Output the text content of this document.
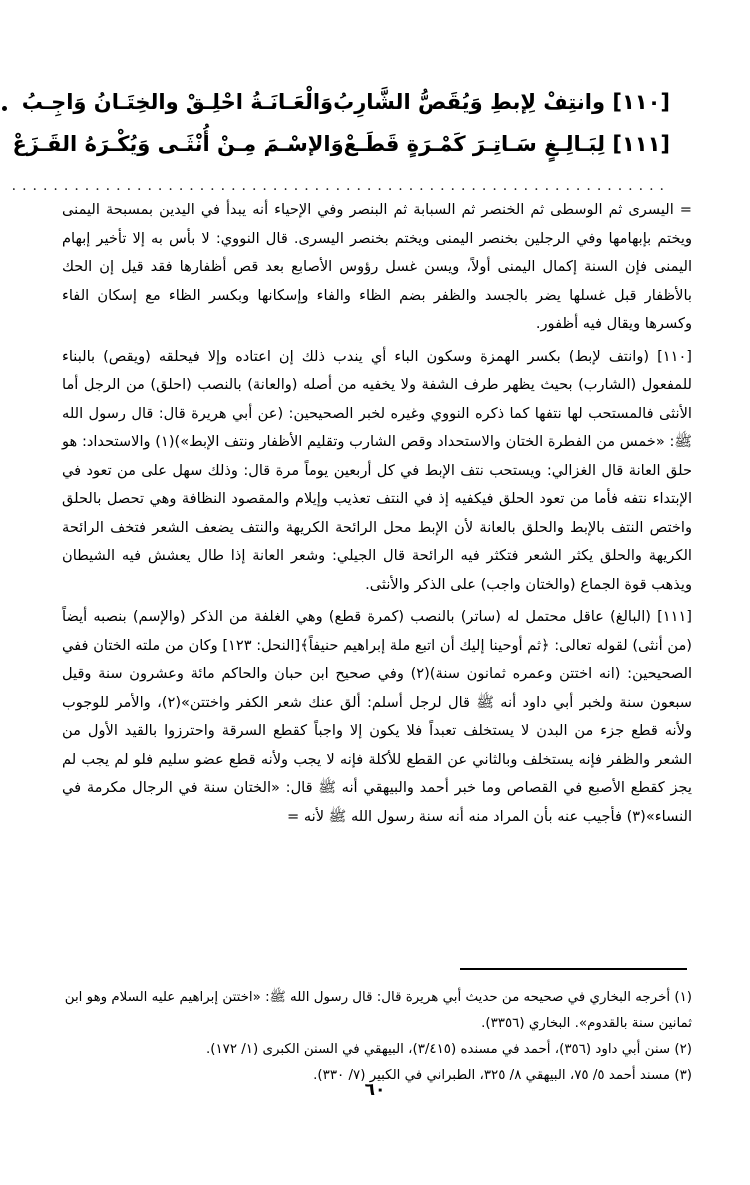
[١١٠] وانتِفْ لِإبطِ وَيُقَصُّ الشَّارِبُ
وَالْعَـانَـةُ احْلِـقْ والخِتَـانُ وَاجِـبُ
[١١١] لِبَـالِـغٍ سَـاتِـرَ كَمْـرَةٍ قَطَـعْ
وَالإسْـمَ مِـنْ أُنْثَـى وَيُكْـرَهُ القَـزَعْ
...............................................................

= اليسرى ثم الوسطى ثم الخنصر ثم السبابة ثم البنصر وفي الإحياء أنه يبدأ في اليدين بمسبحة اليمنى ويختم بإبهامها وفي الرجلين بخنصر اليمنى ويختم بخنصر اليسرى. قال النووي: لا بأس به إلا تأخير إبهام اليمنى فإن السنة إكمال اليمنى أولاً، ويسن غسل رؤوس الأصابع بعد قص أظفارها فقد قيل إن الحك بالأظفار قبل غسلها يضر بالجسد والظفر بضم الظاء والفاء وإسكانها وبكسر الظاء مع إسكان الفاء وكسرها ويقال فيه أظفور.

[١١٠] (وانتف لإبط) بكسر الهمزة وسكون الباء أي يندب ذلك إن اعتاده وإلا فيحلقه (ويقص) بالبناء للمفعول (الشارب) بحيث يظهر طرف الشفة ولا يخفيه من أصله (والعانة) بالنصب (احلق) من الرجل أما الأنثى فالمستحب لها نتفها كما ذكره النووي وغيره لخبر الصحيحين: (عن أبي هريرة قال: قال رسول الله ﷺ: «خمس من الفطرة الختان والاستحداد وقص الشارب وتقليم الأظفار ونتف الإبط»)(١) والاستحداد: هو حلق العانة قال الغزالي: ويستحب نتف الإبط في كل أربعين يوماً مرة قال: وذلك سهل على من تعود في الإبتداء نتفه فأما من تعود الحلق فيكفيه إذ في النتف تعذيب وإيلام والمقصود النظافة وهي تحصل بالحلق واختص النتف بالإبط والحلق بالعانة لأن الإبط محل الرائحة الكريهة والنتف يضعف الشعر فتخف الرائحة الكريهة والحلق يكثر الشعر فتكثر فيه الرائحة قال الجيلي: وشعر العانة إذا طال يعشش فيه الشيطان ويذهب قوة الجماع (والختان واجب) على الذكر والأنثى.

[١١١] (البالغ) عاقل محتمل له (ساتر) بالنصب (كمرة قطع) وهي الغلفة من الذكر (والإسم) بنصبه أيضاً (من أنثى) لقوله تعالى: ﴿ثم أوحينا إليك أن اتبع ملة إبراهيم حنيفاً﴾[النحل: ١٢٣] وكان من ملته الختان ففي الصحيحين: (انه اختتن وعمره ثمانون سنة)(٢) وفي صحيح ابن حبان والحاكم مائة وعشرون سنة وقيل سبعون سنة ولخبر أبي داود أنه ﷺ قال لرجل أسلم: ألق عنك شعر الكفر واختتن»(٢)، والأمر للوجوب ولأنه قطع جزء من البدن لا يستخلف تعبداً فلا يكون إلا واجباً كقطع السرقة واحترزوا بالقيد الأول من الشعر والظفر فإنه يستخلف وبالثاني عن القطع للأكلة فإنه لا يجب ولأنه قطع عضو سليم فلو لم يجب لم يجز كقطع الأصبع في القصاص وما خبر أحمد والبيهقي أنه ﷺ قال: «الختان سنة في الرجال مكرمة في النساء»(٣) فأجيب عنه بأن المراد منه أنه سنة رسول الله ﷺ لأنه =

(١) أخرجه البخاري في صحيحه من حديث أبي هريرة قال: قال رسول الله ﷺ: «اختتن إبراهيم عليه السلام وهو ابن ثمانين سنة بالقدوم». البخاري (٣٣٥٦).

(٢) سنن أبي داود (٣٥٦)، أحمد في مسنده (٣/٤١٥)، البيهقي في السنن الكبرى (١/ ١٧٢).

(٣) مسند أحمد ٥/ ٧٥، البيهقي ٨/ ٣٢٥، الطبراني في الكبير (٧/ ٣٣٠).

٦٠
